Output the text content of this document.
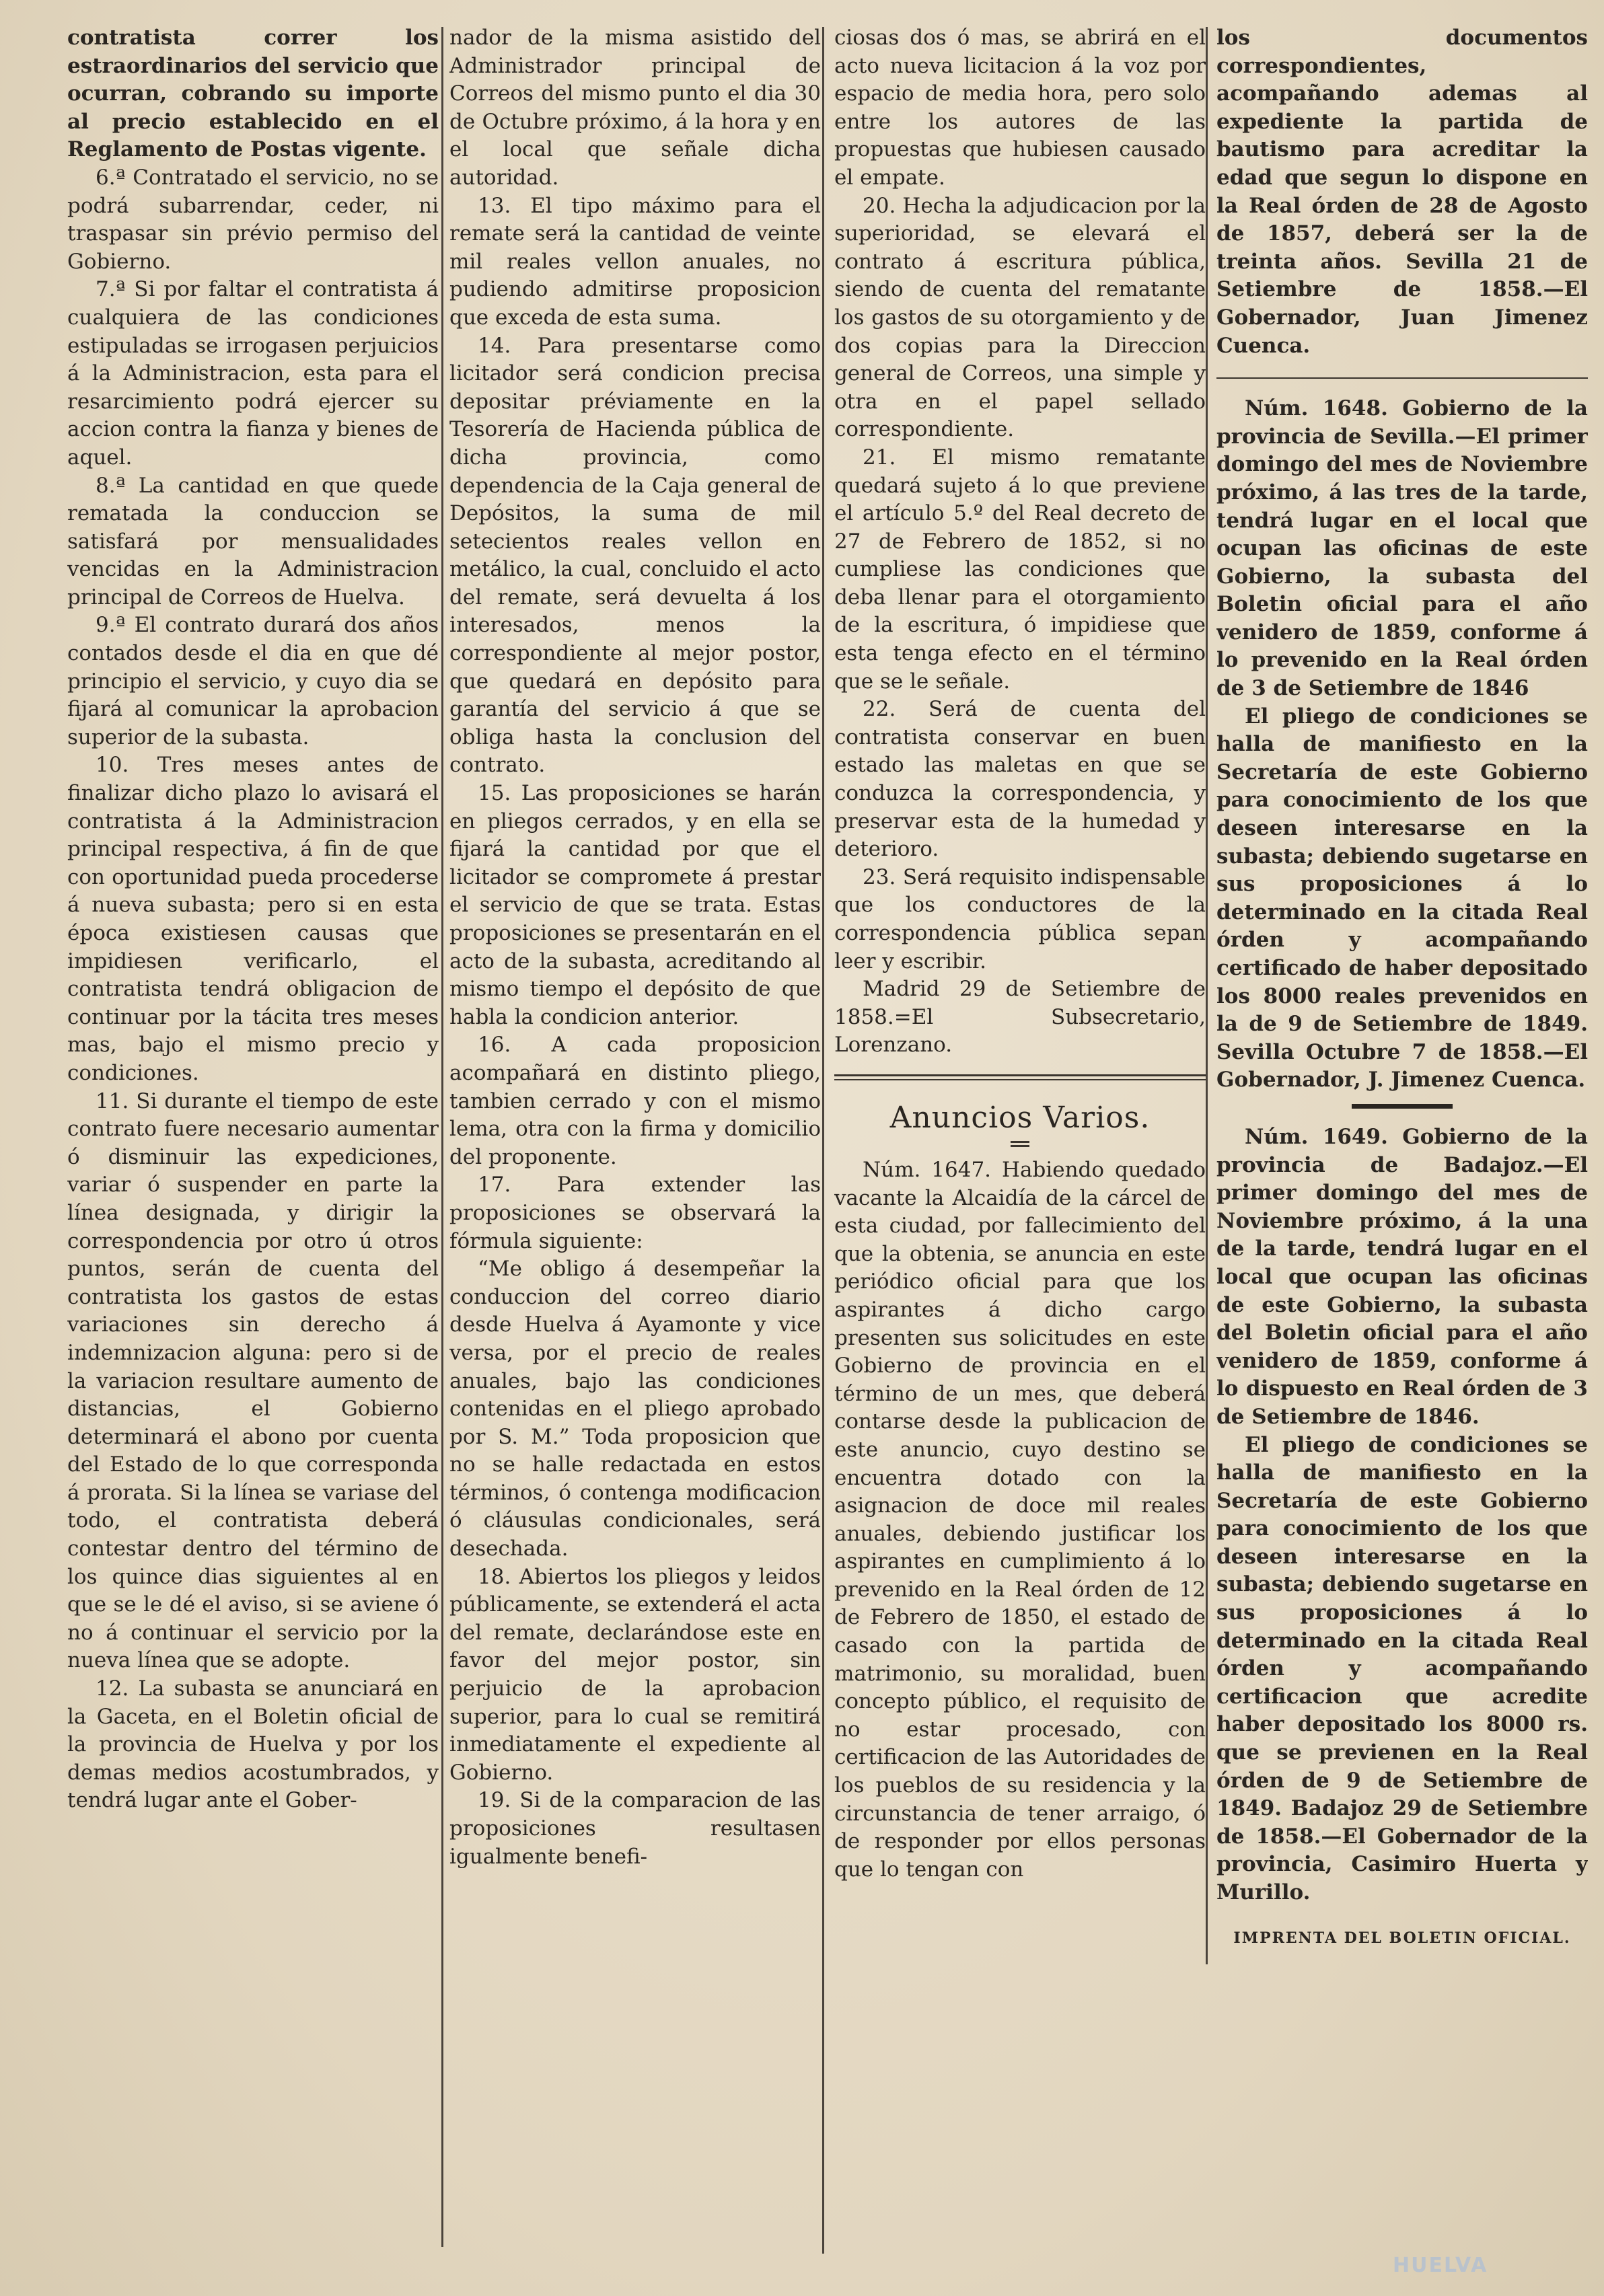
contratista correr los estraordinarios del servicio que ocurran, cobrando su importe al precio establecido en el Reglamento de Postas vigente.

6.ª Contratado el servicio, no se podrá subarrendar, ceder, ni traspasar sin prévio permiso del Gobierno.

7.ª Si por faltar el contratista á cualquiera de las condiciones estipuladas se irrogasen perjuicios á la Administracion, esta para el resarcimiento podrá ejercer su accion contra la fianza y bienes de aquel.

8.ª La cantidad en que quede rematada la conduccion se satisfará por mensualidades vencidas en la Administracion principal de Correos de Huelva.

9.ª El contrato durará dos años contados desde el dia en que dé principio el servicio, y cuyo dia se fijará al comunicar la aprobacion superior de la subasta.

10. Tres meses antes de finalizar dicho plazo lo avisará el contratista á la Administracion principal respectiva, á fin de que con oportunidad pueda procederse á nueva subasta; pero si en esta época existiesen causas que impidiesen verificarlo, el contratista tendrá obligacion de continuar por la tácita tres meses mas, bajo el mismo precio y condiciones.

11. Si durante el tiempo de este contrato fuere necesario aumentar ó disminuir las expediciones, variar ó suspender en parte la línea designada, y dirigir la correspondencia por otro ú otros puntos, serán de cuenta del contratista los gastos de estas variaciones sin derecho á indemnizacion alguna: pero si de la variacion resultare aumento de distancias, el Gobierno determinará el abono por cuenta del Estado de lo que corresponda á prorata. Si la línea se variase del todo, el contratista deberá contestar dentro del término de los quince dias siguientes al en que se le dé el aviso, si se aviene ó no á continuar el servicio por la nueva línea que se adopte.

12. La subasta se anunciará en la Gaceta, en el Boletin oficial de la provincia de Huelva y por los demas medios acostumbrados, y tendrá lugar ante el Gober-

nador de la misma asistido del Administrador principal de Correos del mismo punto el dia 30 de Octubre próximo, á la hora y en el local que señale dicha autoridad.

13. El tipo máximo para el remate será la cantidad de veinte mil reales vellon anuales, no pudiendo admitirse proposicion que exceda de esta suma.

14. Para presentarse como licitador será condicion precisa depositar préviamente en la Tesorería de Hacienda pública de dicha provincia, como dependencia de la Caja general de Depósitos, la suma de mil setecientos reales vellon en metálico, la cual, concluido el acto del remate, será devuelta á los interesados, menos la correspondiente al mejor postor, que quedará en depósito para garantía del servicio á que se obliga hasta la conclusion del contrato.

15. Las proposiciones se harán en pliegos cerrados, y en ella se fijará la cantidad por que el licitador se compromete á prestar el servicio de que se trata. Estas proposiciones se presentarán en el acto de la subasta, acreditando al mismo tiempo el depósito de que habla la condicion anterior.

16. A cada proposicion acompañará en distinto pliego, tambien cerrado y con el mismo lema, otra con la firma y domicilio del proponente.

17. Para extender las proposiciones se observará la fórmula siguiente:

“Me obligo á desempeñar la conduccion del correo diario desde Huelva á Ayamonte y vice versa, por el precio de reales anuales, bajo las condiciones contenidas en el pliego aprobado por S. M.” Toda proposicion que no se halle redactada en estos términos, ó contenga modificacion ó cláusulas condicionales, será desechada.

18. Abiertos los pliegos y leidos públicamente, se extenderá el acta del remate, declarándose este en favor del mejor postor, sin perjuicio de la aprobacion superior, para lo cual se remitirá inmediatamente el expediente al Gobierno.

19. Si de la comparacion de las proposiciones resultasen igualmente benefi-

ciosas dos ó mas, se abrirá en el acto nueva licitacion á la voz por espacio de media hora, pero solo entre los autores de las propuestas que hubiesen causado el empate.

20. Hecha la adjudicacion por la superioridad, se elevará el contrato á escritura pública, siendo de cuenta del rematante los gastos de su otorgamiento y de dos copias para la Direccion general de Correos, una simple y otra en el papel sellado correspondiente.

21. El mismo rematante quedará sujeto á lo que previene el artículo 5.º del Real decreto de 27 de Febrero de 1852, si no cumpliese las condiciones que deba llenar para el otorgamiento de la escritura, ó impidiese que esta tenga efecto en el término que se le señale.

22. Será de cuenta del contratista conservar en buen estado las maletas en que se conduzca la correspondencia, y preservar esta de la humedad y deterioro.

23. Será requisito indispensable que los conductores de la correspondencia pública sepan leer y escribir.

Madrid 29 de Setiembre de 1858.=El Subsecretario, Lorenzano.

Anuncios Varios.

Núm. 1647. Habiendo quedado vacante la Alcaidía de la cárcel de esta ciudad, por fallecimiento del que la obtenia, se anuncia en este periódico oficial para que los aspirantes á dicho cargo presenten sus solicitudes en este Gobierno de provincia en el término de un mes, que deberá contarse desde la publicacion de este anuncio, cuyo destino se encuentra dotado con la asignacion de doce mil reales anuales, debiendo justificar los aspirantes en cumplimiento á lo prevenido en la Real órden de 12 de Febrero de 1850, el estado de casado con la partida de matrimonio, su moralidad, buen concepto público, el requisito de no estar procesado, con certificacion de las Autoridades de los pueblos de su residencia y la circunstancia de tener arraigo, ó de responder por ellos personas que lo tengan con

los documentos correspondientes, acompañando ademas al expediente la partida de bautismo para acreditar la edad que segun lo dispone en la Real órden de 28 de Agosto de 1857, deberá ser la de treinta años. Sevilla 21 de Setiembre de 1858.—El Gobernador, Juan Jimenez Cuenca.

Núm. 1648. Gobierno de la provincia de Sevilla.—El primer domingo del mes de Noviembre próximo, á las tres de la tarde, tendrá lugar en el local que ocupan las oficinas de este Gobierno, la subasta del Boletin oficial para el año venidero de 1859, conforme á lo prevenido en la Real órden de 3 de Setiembre de 1846

El pliego de condiciones se halla de manifiesto en la Secretaría de este Gobierno para conocimiento de los que deseen interesarse en la subasta; debiendo sugetarse en sus proposiciones á lo determinado en la citada Real órden y acompañando certificado de haber depositado los 8000 reales prevenidos en la de 9 de Setiembre de 1849. Sevilla Octubre 7 de 1858.—El Gobernador, J. Jimenez Cuenca.

Núm. 1649. Gobierno de la provincia de Badajoz.—El primer domingo del mes de Noviembre próximo, á la una de la tarde, tendrá lugar en el local que ocupan las oficinas de este Gobierno, la subasta del Boletin oficial para el año venidero de 1859, conforme á lo dispuesto en Real órden de 3 de Setiembre de 1846.

El pliego de condiciones se halla de manifiesto en la Secretaría de este Gobierno para conocimiento de los que deseen interesarse en la subasta; debiendo sugetarse en sus proposiciones á lo determinado en la citada Real órden y acompañando certificacion que acredite haber depositado los 8000 rs. que se previenen en la Real órden de 9 de Setiembre de 1849. Badajoz 29 de Setiembre de 1858.—El Gobernador de la provincia, Casimiro Huerta y Murillo.

IMPRENTA DEL BOLETIN OFICIAL.
HUELVA
